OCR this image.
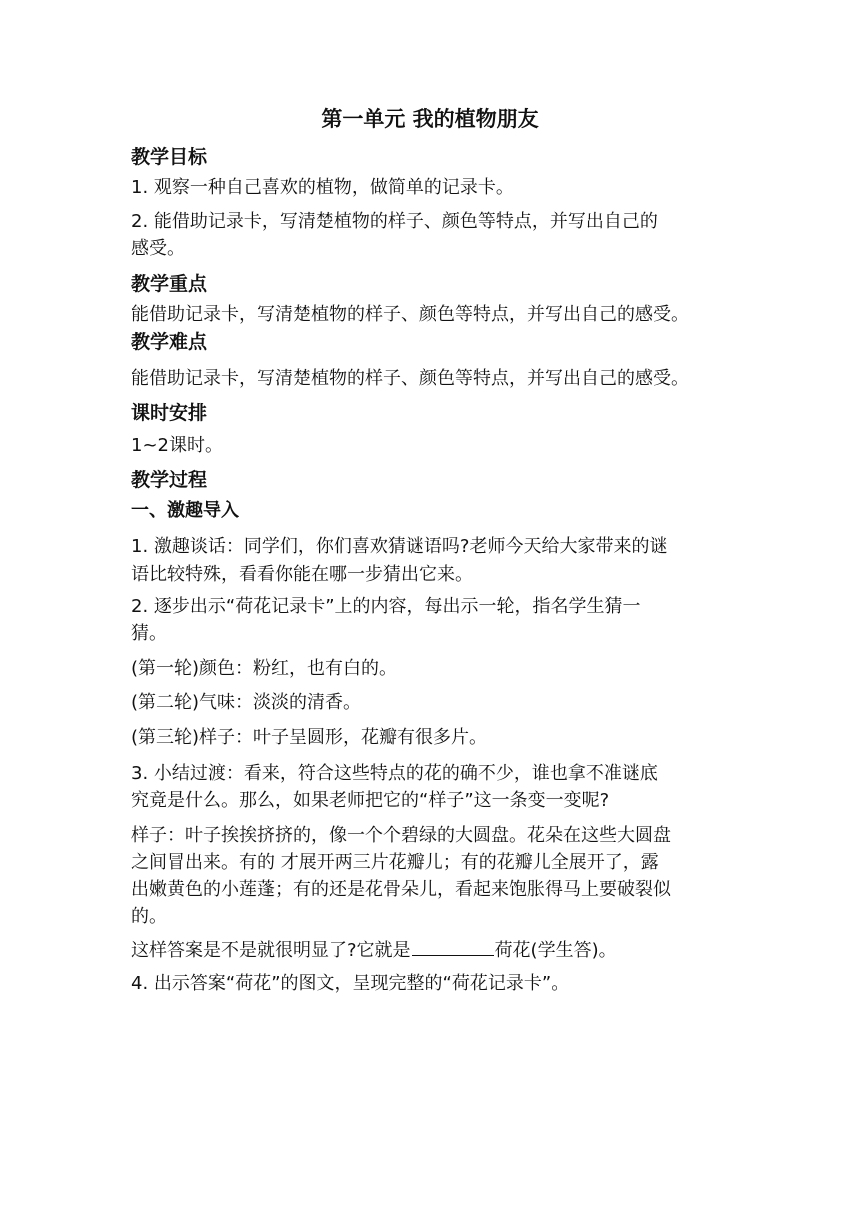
第一单元 我的植物朋友
教学目标
1. 观察一种自己喜欢的植物，做简单的记录卡。
2. 能借助记录卡，写清楚植物的样子、颜色等特点，并写出自己的
感受。
教学重点
能借助记录卡，写清楚植物的样子、颜色等特点，并写出自己的感受。
教学难点
能借助记录卡，写清楚植物的样子、颜色等特点，并写出自己的感受。
课时安排
1~2课时。
教学过程
一、激趣导入
1. 激趣谈话：同学们，你们喜欢猜谜语吗?老师今天给大家带来的谜
语比较特殊，看看你能在哪一步猜出它来。
2. 逐步出示“荷花记录卡”上的内容，每出示一轮，指名学生猜一
猜。
(第一轮)颜色：粉红，也有白的。
(第二轮)气味：淡淡的清香。
(第三轮)样子：叶子呈圆形，花瓣有很多片。
3. 小结过渡：看来，符合这些特点的花的确不少，谁也拿不准谜底
究竟是什么。那么，如果老师把它的“样子”这一条变一变呢?
样子：叶子挨挨挤挤的，像一个个碧绿的大圆盘。花朵在这些大圆盘
之间冒出来。有的 才展开两三片花瓣儿；有的花瓣儿全展开了，露
出嫩黄色的小莲蓬；有的还是花骨朵儿，看起来饱胀得马上要破裂似
的。
这样答案是不是就很明显了?它就是	荷花(学生答)。
4. 出示答案“荷花”的图文，呈现完整的“荷花记录卡”。
